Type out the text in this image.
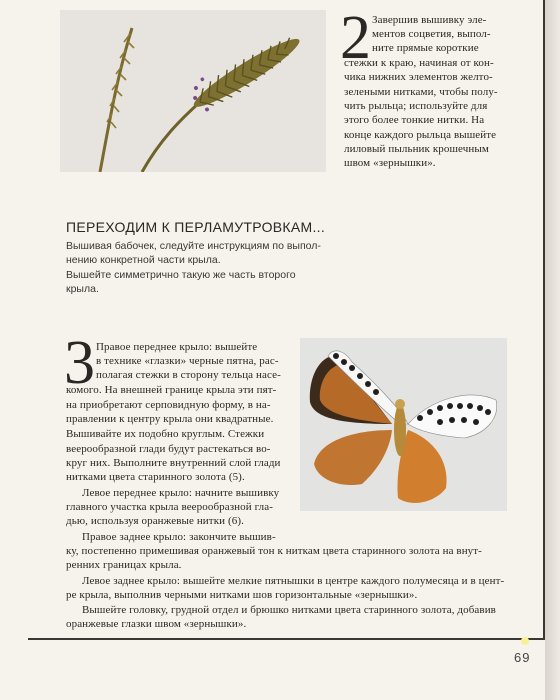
2 Завершив вышивку эле-
ментов соцветия, выпол-
ните прямые короткие
стежки к краю, начиная от кон-
чика нижних элементов желто-
зелеными нитками, чтобы полу-
чить рыльца; используйте для
этого более тонкие нитки. На
конце каждого рыльца вышейте
лиловый пыльник крошечным
швом «зернышки».
ПЕРЕХОДИМ К ПЕРЛАМУТРОВКАМ...
Вышивая бабочек, следуйте инструкциям по выпол-
нению конкретной части крыла.
Вышейте симметрично такую же часть второго
крыла.
3 Правое переднее крыло: вышейте
в технике «глазки» черные пятна, рас-
полагая стежки в сторону тельца насе-
комого. На внешней границе крыла эти пят-
на приобретают серповидную форму, в на-
правлении к центру крыла они квадратные.
Вышивайте их подобно круглым. Стежки
веерообразной глади будут растекаться во-
круг них. Выполните внутренний слой глади
нитками цвета старинного золота (5).
Левое переднее крыло: начните вышивку
главного участка крыла веерообразной гла-
дью, используя оранжевые нитки (6).
Правое заднее крыло: закончите вышив-
ку, постепенно примешивая оранжевый тон к ниткам цвета старинного золота на внут-
ренних границах крыла.
Левое заднее крыло: вышейте мелкие пятнышки в центре каждого полумесяца и в цент-
ре крыла, выполнив черными нитками шов горизонтальные «зернышки».
Вышейте головку, грудной отдел и брюшко нитками цвета старинного золота, добавив
оранжевые глазки швом «зернышки».
69
